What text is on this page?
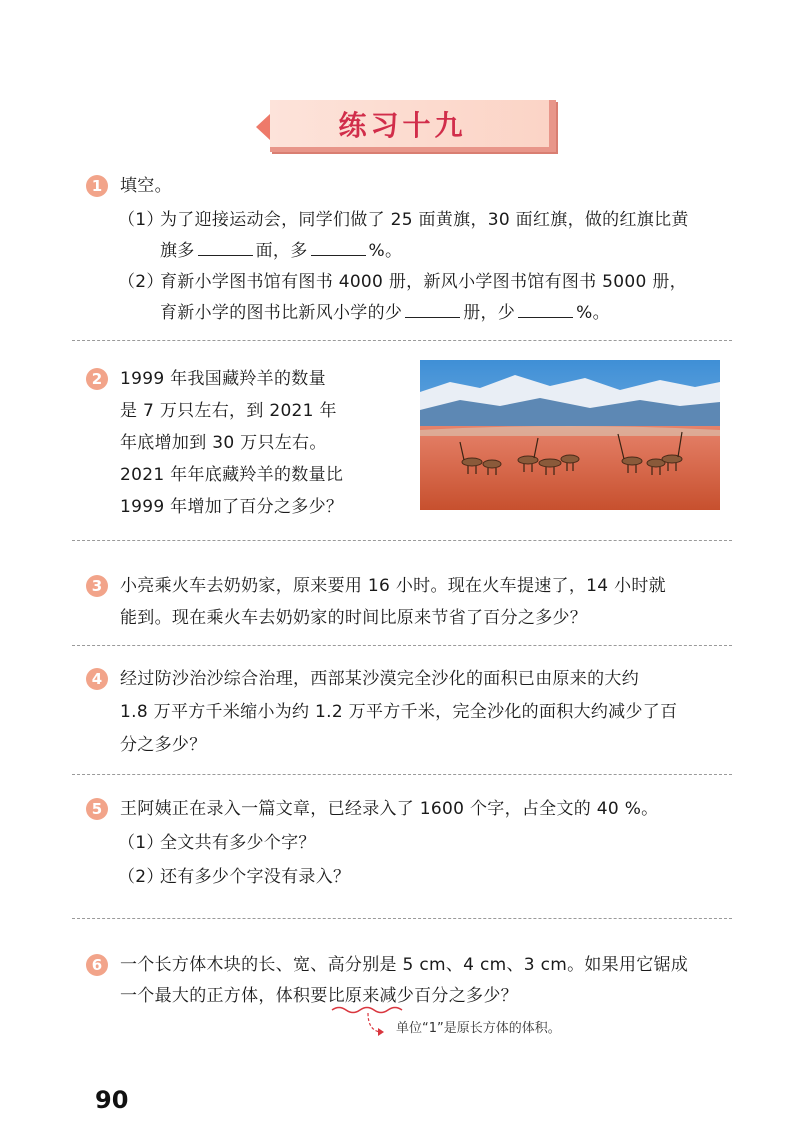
练习十九
1	填空。
（1）
为了迎接运动会，同学们做了 25 面黄旗，30 面红旗，做的红旗比黄
旗多	面，多	%。
（2）
育新小学图书馆有图书 4000 册，新风小学图书馆有图书 5000 册，
育新小学的图书比新风小学的少	册，少	%。
2	1999 年我国藏羚羊的数量
是 7 万只左右，到 2021 年
年底增加到 30 万只左右。
2021 年年底藏羚羊的数量比
1999 年增加了百分之多少？
3	小亮乘火车去奶奶家，原来要用 16 小时。现在火车提速了，14 小时就
能到。现在乘火车去奶奶家的时间比原来节省了百分之多少？
4	经过防沙治沙综合治理，西部某沙漠完全沙化的面积已由原来的大约
1.8 万平方千米缩小为约 1.2 万平方千米，完全沙化的面积大约减少了百
分之多少？
5	王阿姨正在录入一篇文章，已经录入了 1600 个字，占全文的 40 %。
（1）
全文共有多少个字？
（2）
还有多少个字没有录入？
6	一个长方体木块的长、宽、高分别是 5 cm、4 cm、3 cm。如果用它锯成
一个最大的正方体，体积要比原来减少百分之多少？
单位“1”是原长方体的体积。
90
